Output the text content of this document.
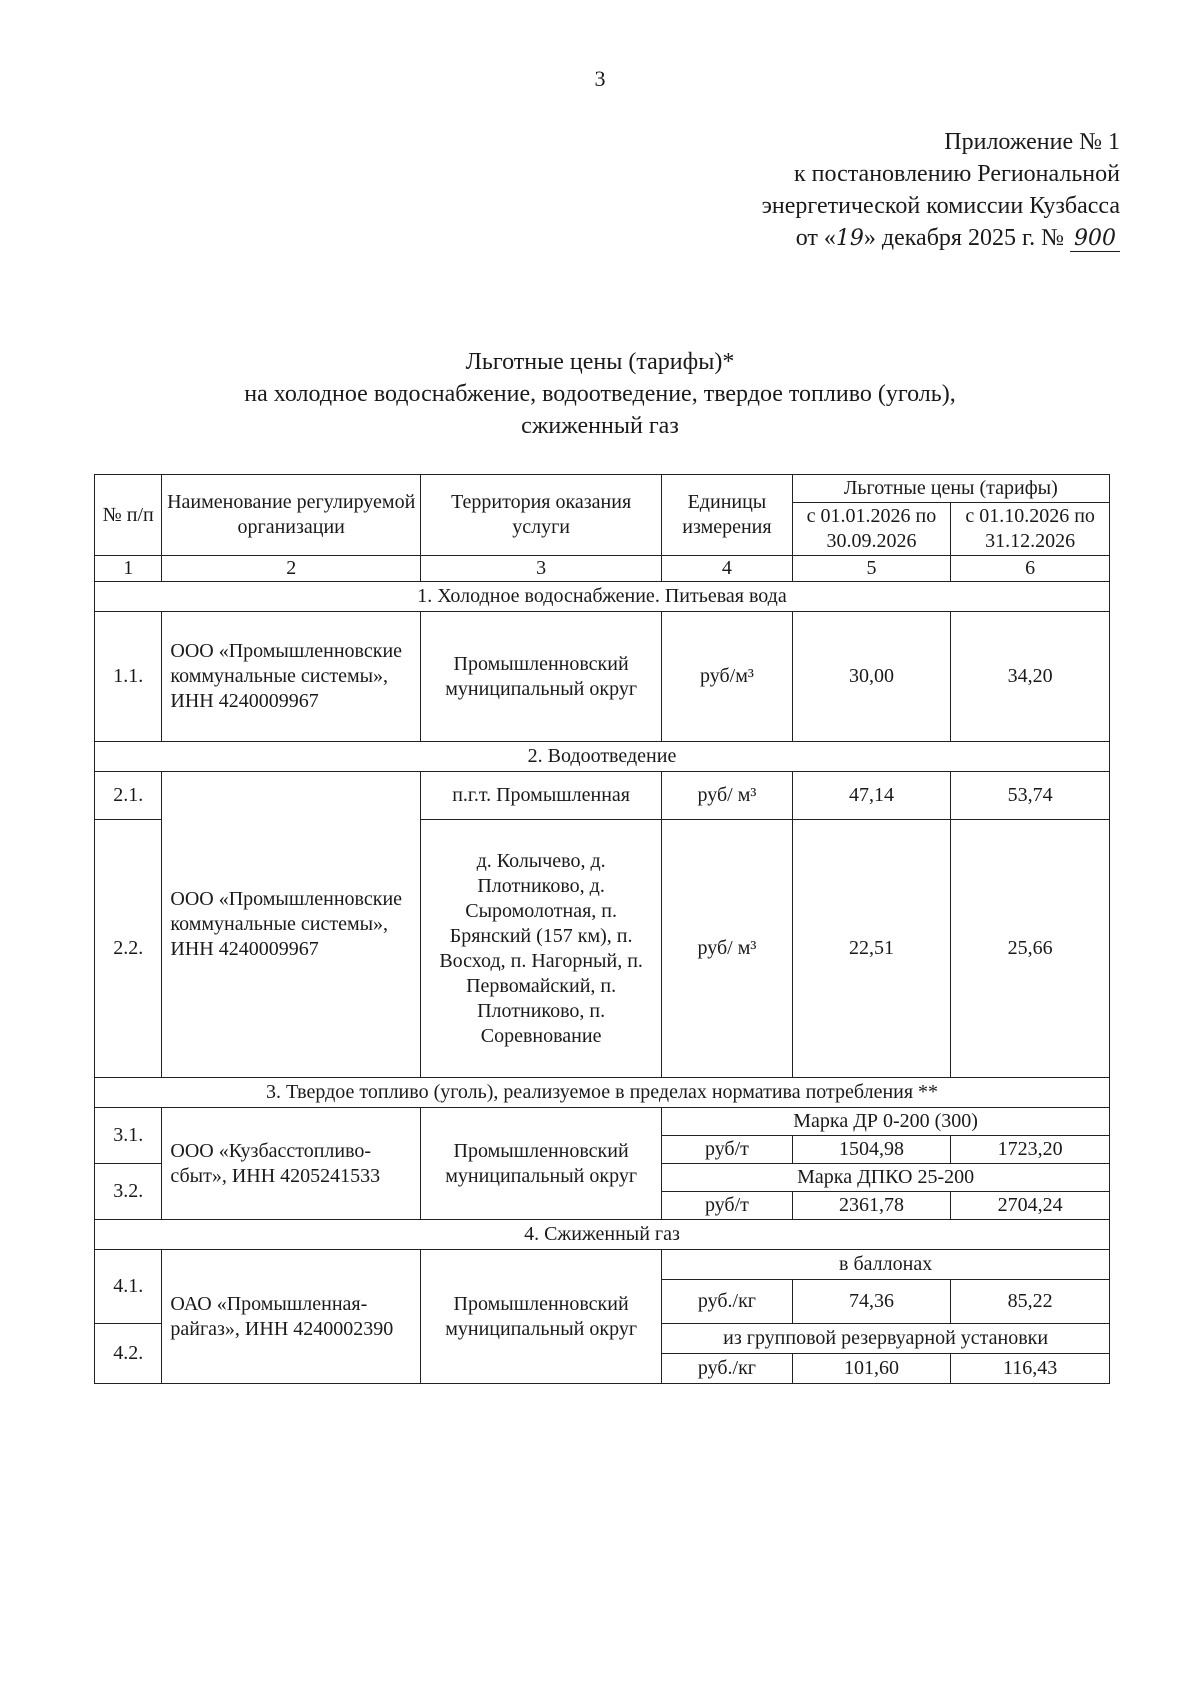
3
Приложение № 1
к постановлению Региональной
энергетической комиссии Кузбасса
от «19» декабря 2025 г. № 900
Льготные цены (тарифы)*
на холодное водоснабжение, водоотведение, твердое топливо (уголь),
сжиженный газ
№ п/п	Наименование регулируемой организации	Территория оказания услуги	Единицы измерения	Льготные цены (тарифы)	
				с 01.01.2026 по 30.09.2026	с 01.10.2026 по 31.12.2026
1	2	3	4	5	6
1. Холодное водоснабжение. Питьевая вода					
1.1.	ООО «Промышленновские коммунальные системы», ИНН 4240009967	Промышленновский муниципальный округ	руб/м³	30,00	34,20
2. Водоотведение					
2.1.	ООО «Промышленновские коммунальные системы», ИНН 4240009967	п.г.т. Промышленная	руб/ м³	47,14	53,74
2.2.		д. Колычево, д. Плотниково, д. Сыромолотная, п. Брянский (157 км), п. Восход, п. Нагорный, п. Первомайский, п. Плотниково, п. Соревнование	руб/ м³	22,51	25,66
3. Твердое топливо (уголь), реализуемое в пределах норматива потребления **					
3.1.	ООО «Кузбасстопливо-сбыт», ИНН 4205241533	Промышленновский муниципальный округ	Марка ДР 0-200 (300)		
			руб/т	1504,98	1723,20
3.2.			Марка ДПКО 25-200		
			руб/т	2361,78	2704,24
4. Сжиженный газ					
4.1.	ОАО «Промышленная-райгаз», ИНН 4240002390	Промышленновский муниципальный округ	в баллонах		
			руб./кг	74,36	85,22
4.2.			из групповой резервуарной установки		
			руб./кг	101,60	116,43
